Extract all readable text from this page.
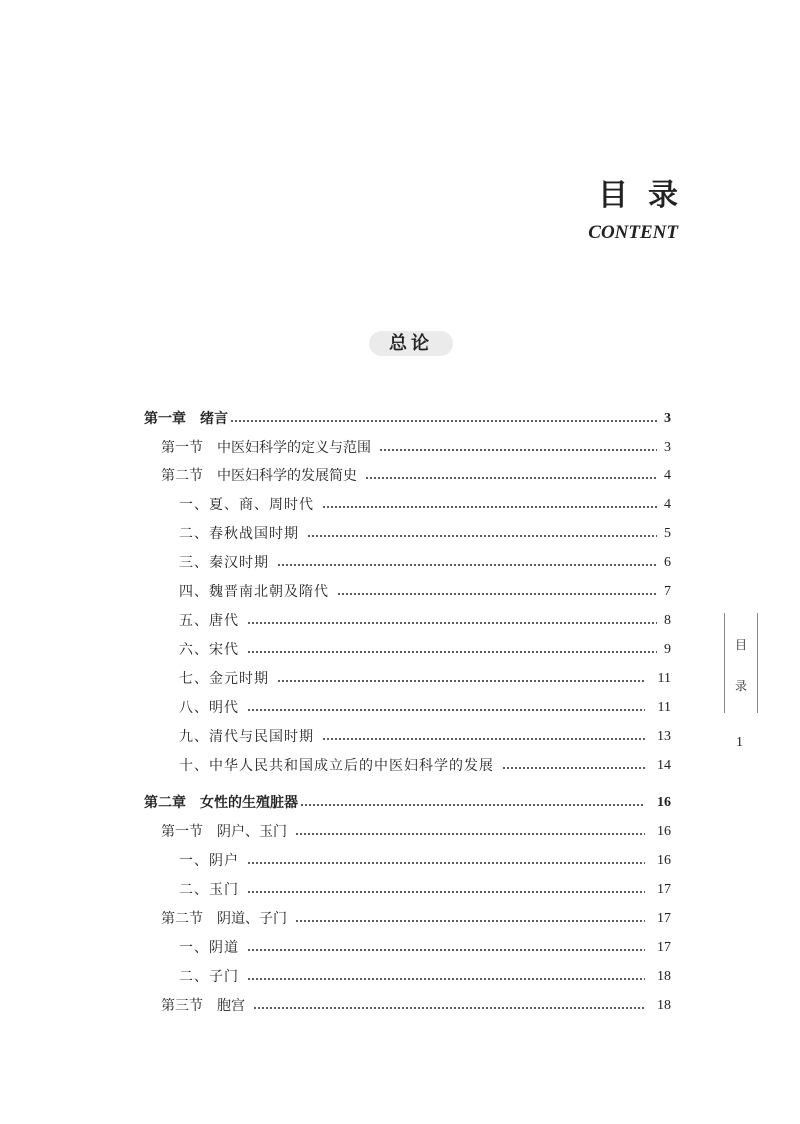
目录
CONTENT
总论
第一章 绪言	3
第一节 中医妇科学的定义与范围	3
第二节 中医妇科学的发展简史	4
一、夏、商、周时代	4
二、春秋战国时期	5
三、秦汉时期	6
四、魏晋南北朝及隋代	7
五、唐代	8
六、宋代	9
七、金元时期	11
八、明代	11
九、清代与民国时期	13
十、中华人民共和国成立后的中医妇科学的发展	14
第二章 女性的生殖脏器	16
第一节 阴户、玉门	16
一、阴户	16
二、玉门	17
第二节 阴道、子门	17
一、阴道	17
二、子门	18
第三节 胞宫	18
目
录
1
